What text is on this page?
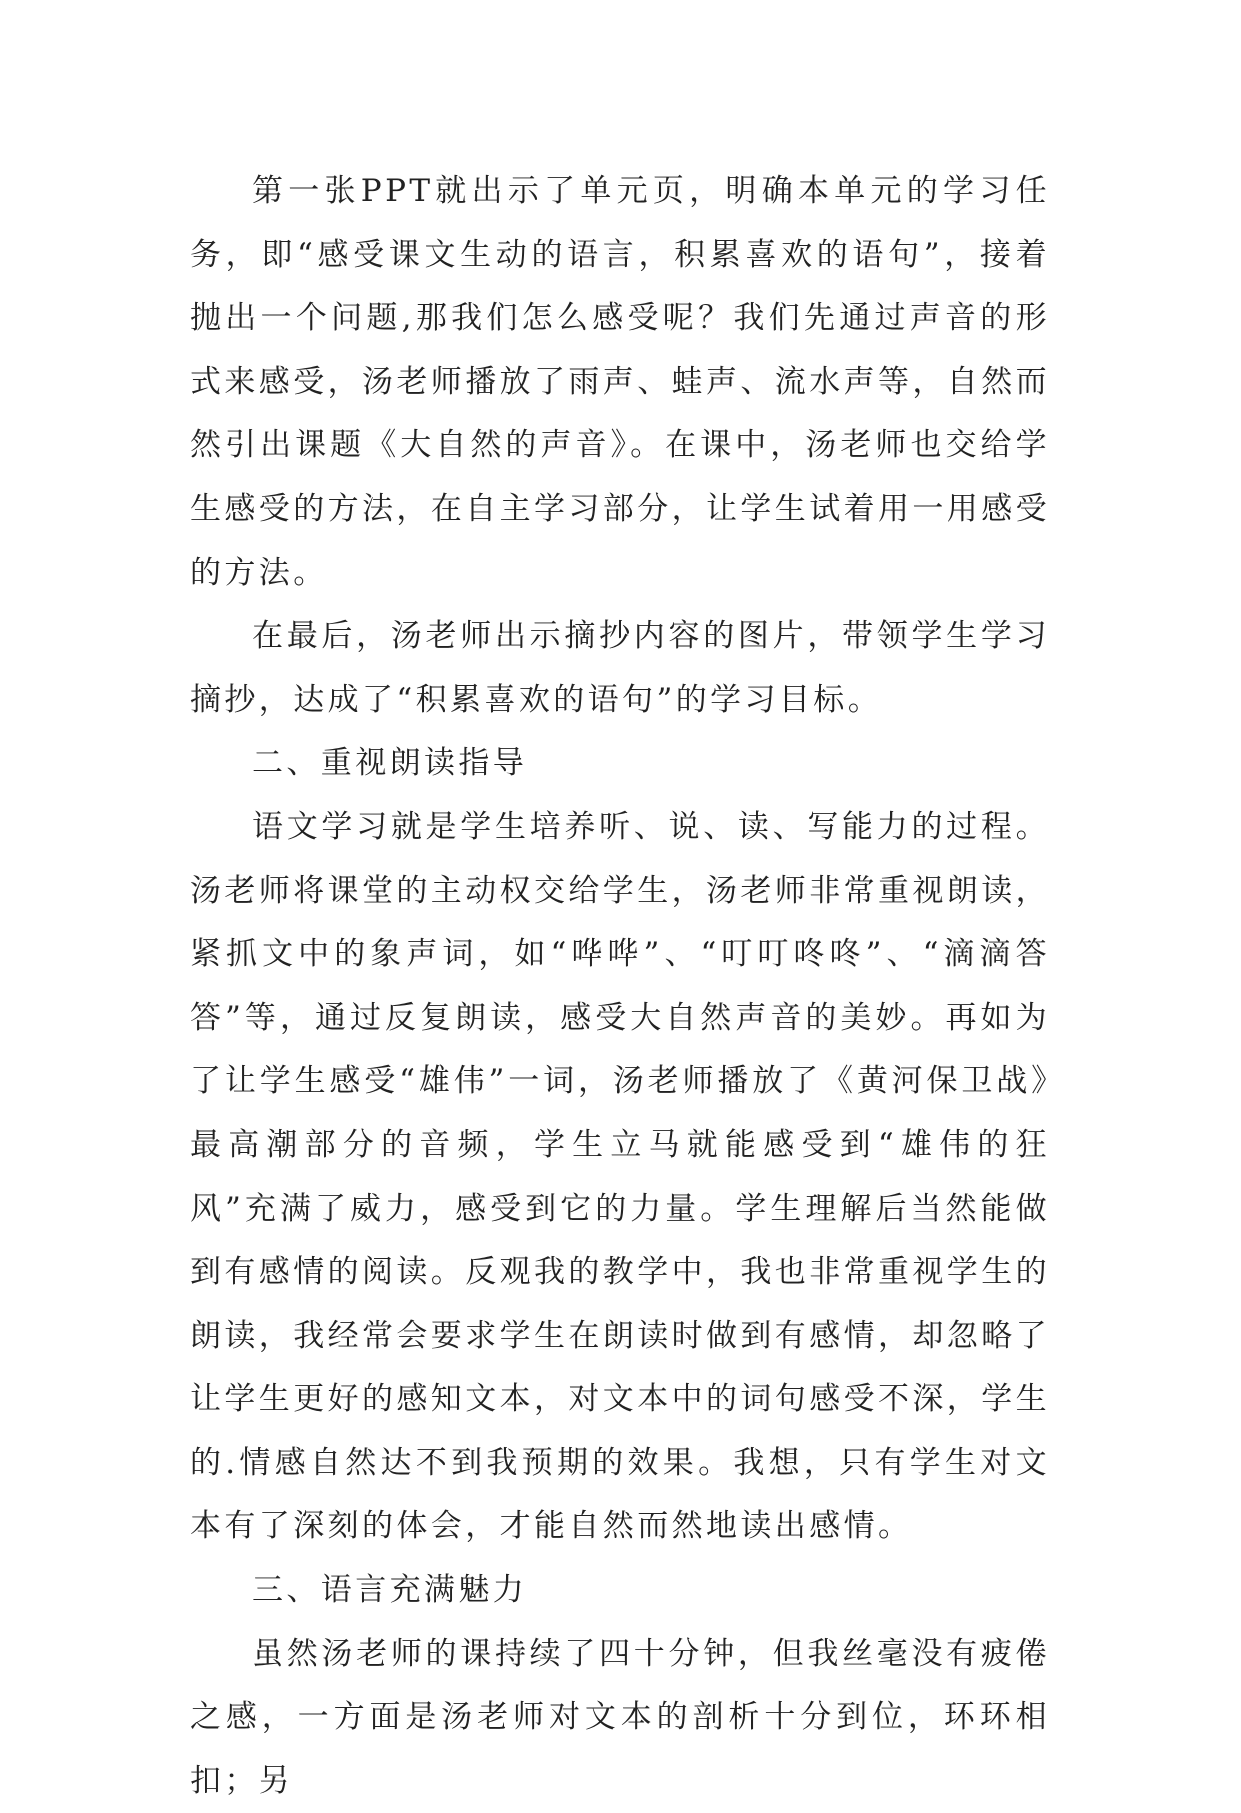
第一张PPT就出示了单元页，明确本单元的学习任务，即“感受课文生动的语言，积累喜欢的语句”，接着抛出一个问题,那我们怎么感受呢？我们先通过声音的形式来感受，汤老师播放了雨声、蛙声、流水声等，自然而然引出课题《大自然的声音》。在课中，汤老师也交给学生感受的方法，在自主学习部分，让学生试着用一用感受的方法。

在最后，汤老师出示摘抄内容的图片，带领学生学习摘抄，达成了“积累喜欢的语句”的学习目标。

二、重视朗读指导

语文学习就是学生培养听、说、读、写能力的过程。汤老师将课堂的主动权交给学生，汤老师非常重视朗读，紧抓文中的象声词，如“哗哗”、“叮叮咚咚”、“滴滴答答”等，通过反复朗读，感受大自然声音的美妙。再如为了让学生感受“雄伟”一词，汤老师播放了《黄河保卫战》最高潮部分的音频，学生立马就能感受到“雄伟的狂风”充满了威力，感受到它的力量。学生理解后当然能做到有感情的阅读。反观我的教学中，我也非常重视学生的朗读，我经常会要求学生在朗读时做到有感情，却忽略了让学生更好的感知文本，对文本中的词句感受不深，学生的.情感自然达不到我预期的效果。我想，只有学生对文本有了深刻的体会，才能自然而然地读出感情。

三、语言充满魅力

虽然汤老师的课持续了四十分钟，但我丝毫没有疲倦之感，一方面是汤老师对文本的剖析十分到位，环环相扣；另
